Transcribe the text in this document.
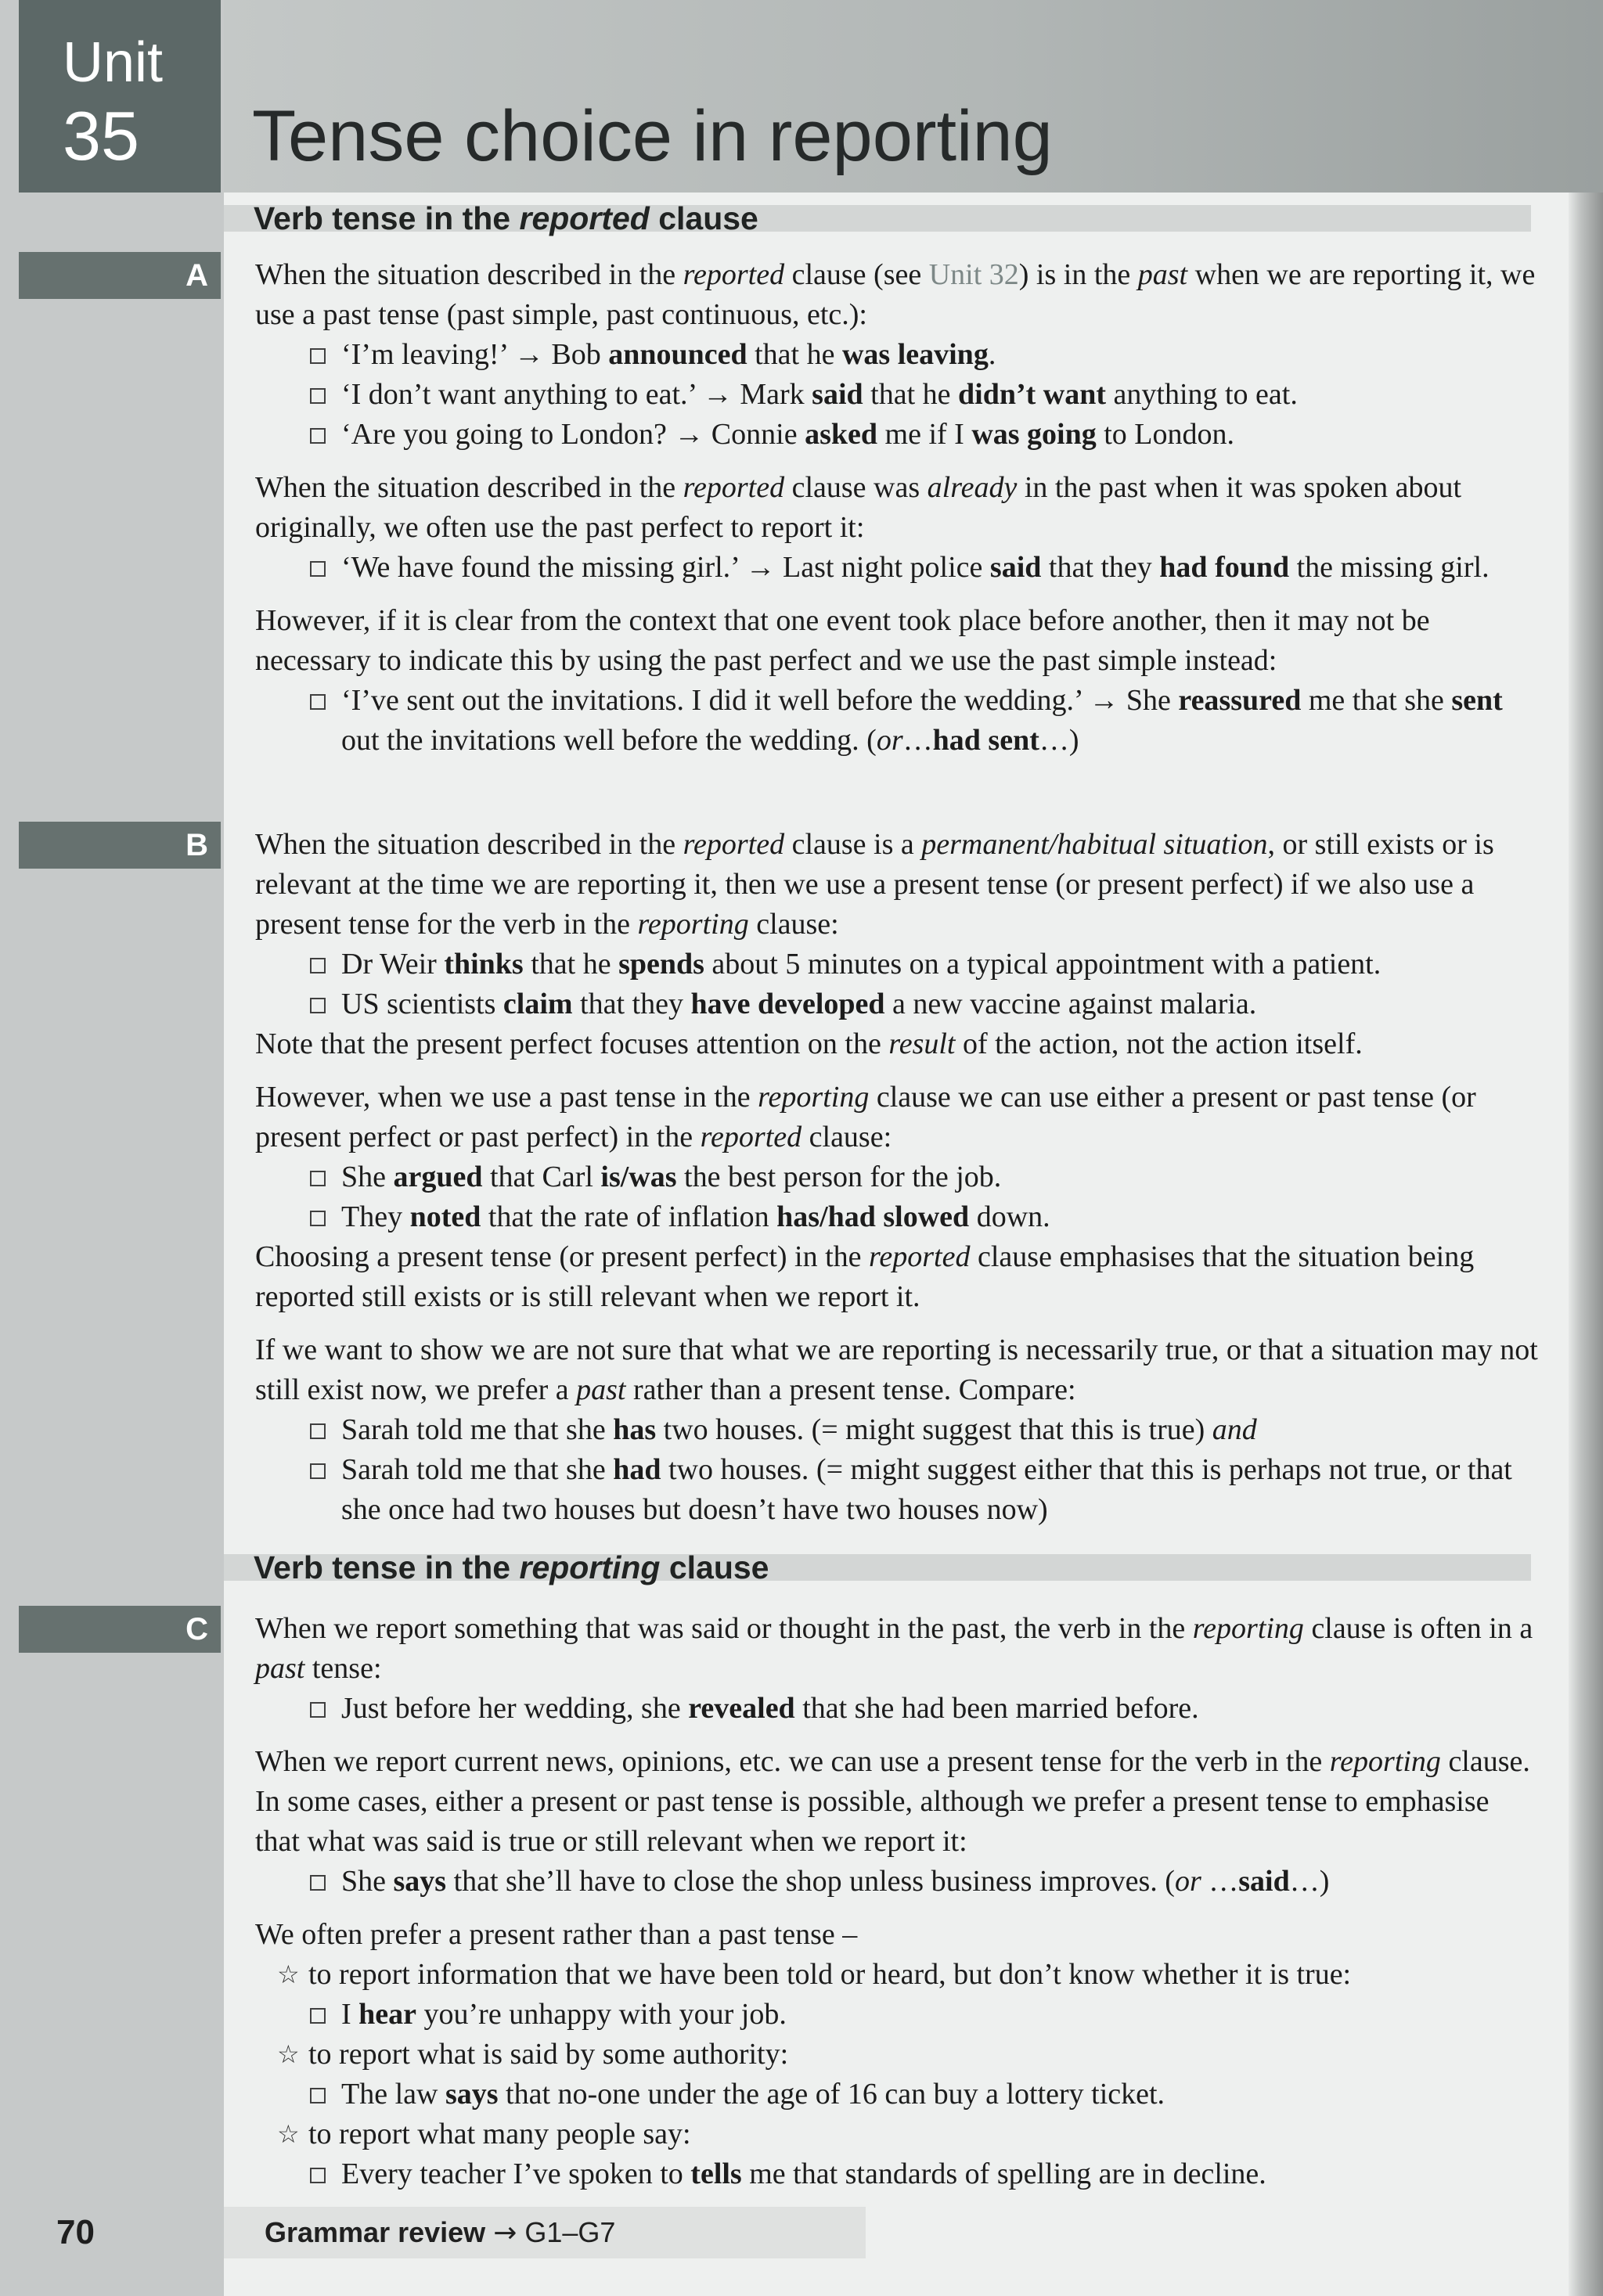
Unit
35 Tense choice in reporting
Verb tense in the reported clause
A	When the situation described in the reported clause (see Unit 32) is in the past when we are reporting it, we use a past tense (past simple, past continuous, etc.):

‘I’m leaving!’ → Bob announced that he was leaving.
‘I don’t want anything to eat.’ → Mark said that he didn’t want anything to eat.
‘Are you going to London? → Connie asked me if I was going to London.

When the situation described in the reported clause was already in the past when it was spoken about originally, we often use the past perfect to report it:

‘We have found the missing girl.’ → Last night police said that they had found the missing girl.

However, if it is clear from the context that one event took place before another, then it may not be necessary to indicate this by using the past perfect and we use the past simple instead:

‘I’ve sent out the invitations. I did it well before the wedding.’ → She reassured me that she sent out the invitations well before the wedding. (or…had sent…)
B	When the situation described in the reported clause is a permanent/habitual situation, or still exists or is relevant at the time we are reporting it, then we use a present tense (or present perfect) if we also use a present tense for the verb in the reporting clause:

Dr Weir thinks that he spends about 5 minutes on a typical appointment with a patient.
US scientists claim that they have developed a new vaccine against malaria.

Note that the present perfect focuses attention on the result of the action, not the action itself.

However, when we use a past tense in the reporting clause we can use either a present or past tense (or present perfect or past perfect) in the reported clause:

She argued that Carl is/was the best person for the job.
They noted that the rate of inflation has/had slowed down.

Choosing a present tense (or present perfect) in the reported clause emphasises that the situation being reported still exists or is still relevant when we report it.

If we want to show we are not sure that what we are reporting is necessarily true, or that a situation may not still exist now, we prefer a past rather than a present tense. Compare:

Sarah told me that she has two houses. (= might suggest that this is true) and
Sarah told me that she had two houses. (= might suggest either that this is perhaps not true, or that she once had two houses but doesn’t have two houses now)
Verb tense in the reporting clause
C	When we report something that was said or thought in the past, the verb in the reporting clause is often in a past tense:

Just before her wedding, she revealed that she had been married before.

When we report current news, opinions, etc. we can use a present tense for the verb in the reporting clause. In some cases, either a present or past tense is possible, although we prefer a present tense to emphasise that what was said is true or still relevant when we report it:

She says that she’ll have to close the shop unless business improves. (or …said…)

We often prefer a present rather than a past tense –

☆ to report information that we have been told or heard, but don’t know whether it is true:
I hear you’re unhappy with your job.
☆ to report what is said by some authority:
The law says that no-one under the age of 16 can buy a lottery ticket.
☆ to report what many people say:
Every teacher I’ve spoken to tells me that standards of spelling are in decline.
70	Grammar review → G1–G7
